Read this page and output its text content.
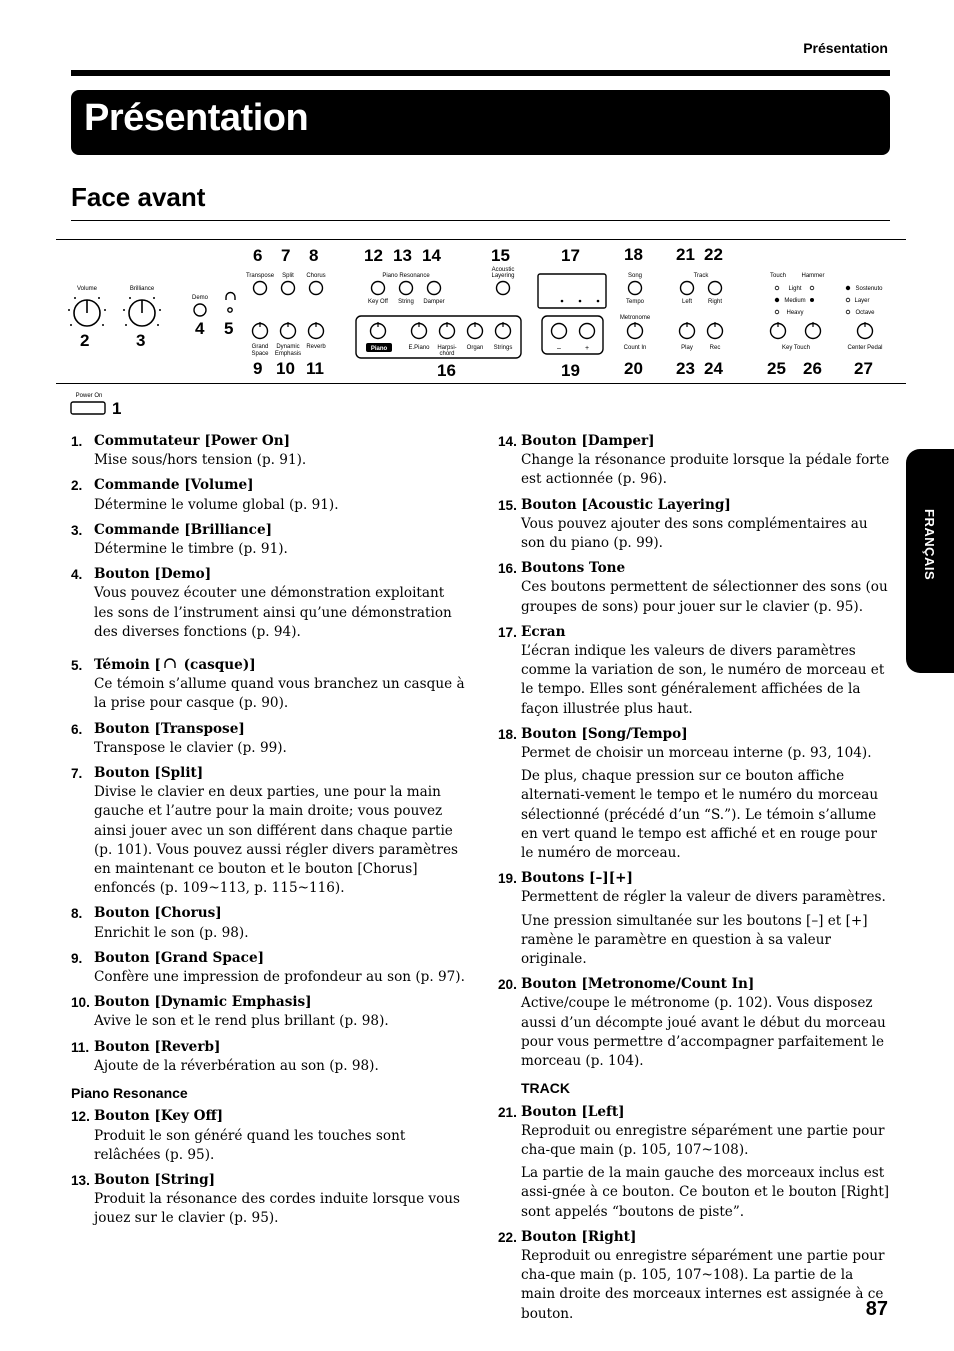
Présentation
Présentation
Face avant
6 7 8	12 13 14	15	17	18 21 22
2	3
4 5
9 10 11	16	19	20 23 24	25 26 27
Volume	Brilliance
Demo
Transpose Split Chorus
Grand
Space
Dynamic
Emphasis
Reverb
Piano Resonance
Key Off String Damper
Acoustic
Layering
E.Piano Harpsi-
chord
Organ Strings
Song
Tempo
Metronome
Count In
Track
Left	Right
Play	Rec
Touch	Hammer
Light
Medium
Heavy
Key Touch
Sostenuto
Layer
Octave
Center Pedal
Power On
Piano	–	+
1
FRANÇAIS
1. Commutateur [Power On]

Mise sous/hors tension (p. 91).

2. Commande [Volume]

Détermine le volume global (p. 91).

3. Commande [Brilliance]

Détermine le timbre (p. 91).

4. Bouton [Demo]

Vous pouvez écouter une démonstration exploitant les sons de l’instrument ainsi qu’une démonstration des diverses fonctions (p. 94).

5. Témoin [ (casque)]

Ce témoin s’allume quand vous branchez un casque à la prise pour casque (p. 90).

6. Bouton [Transpose]

Transpose le clavier (p. 99).

7. Bouton [Split]

Divise le clavier en deux parties, une pour la main gauche et l’autre pour la main droite; vous pouvez ainsi jouer avec un son différent dans chaque partie (p. 101). Vous pouvez aussi régler divers paramètres en maintenant ce bouton et le bouton [Chorus] enfoncés (p. 109~113, p. 115~116).

8. Bouton [Chorus]

Enrichit le son (p. 98).

9. Bouton [Grand Space]

Confère une impression de profondeur au son (p. 97).

10. Bouton [Dynamic Emphasis]

Avive le son et le rend plus brillant (p. 98).

11. Bouton [Reverb]

Ajoute de la réverbération au son (p. 98).

Piano Resonance
12. Bouton [Key Off]

Produit le son généré quand les touches sont relâchées (p. 95).

13. Bouton [String]

Produit la résonance des cordes induite lorsque vous jouez sur le clavier (p. 95).

14. Bouton [Damper]

Change la résonance produite lorsque la pédale forte est actionnée (p. 96).

15. Bouton [Acoustic Layering]

Vous pouvez ajouter des sons complémentaires au son du piano (p. 99).

16. Boutons Tone

Ces boutons permettent de sélectionner des sons (ou groupes de sons) pour jouer sur le clavier (p. 95).

17. Ecran

L’écran indique les valeurs de divers paramètres comme la variation de son, le numéro de morceau et le tempo. Elles sont généralement affichées de la façon illustrée plus haut.

18. Bouton [Song/Tempo]

Permet de choisir un morceau interne (p. 93, 104).

De plus, chaque pression sur ce bouton affiche alternati-vement le tempo et le numéro du morceau sélectionné (précédé d’un “S.”). Le témoin s’allume en vert quand le tempo est affiché et en rouge pour le numéro de morceau.

19. Boutons [–][+]

Permettent de régler la valeur de divers paramètres.

Une pression simultanée sur les boutons [–] et [+] ramène le paramètre en question à sa valeur originale.

20. Bouton [Metronome/Count In]

Active/coupe le métronome (p. 102). Vous disposez aussi d’un décompte joué avant le début du morceau pour vous permettre d’accompagner parfaitement le morceau (p. 104).

TRACK
21. Bouton [Left]

Reproduit ou enregistre séparément une partie pour cha-que main (p. 105, 107~108).

La partie de la main gauche des morceaux inclus est assi-gnée à ce bouton. Ce bouton et le bouton [Right] sont appelés “boutons de piste”.

22. Bouton [Right]

Reproduit ou enregistre séparément une partie pour cha-que main (p. 105, 107~108). La partie de la main droite des morceaux internes est assignée à ce bouton.	87
